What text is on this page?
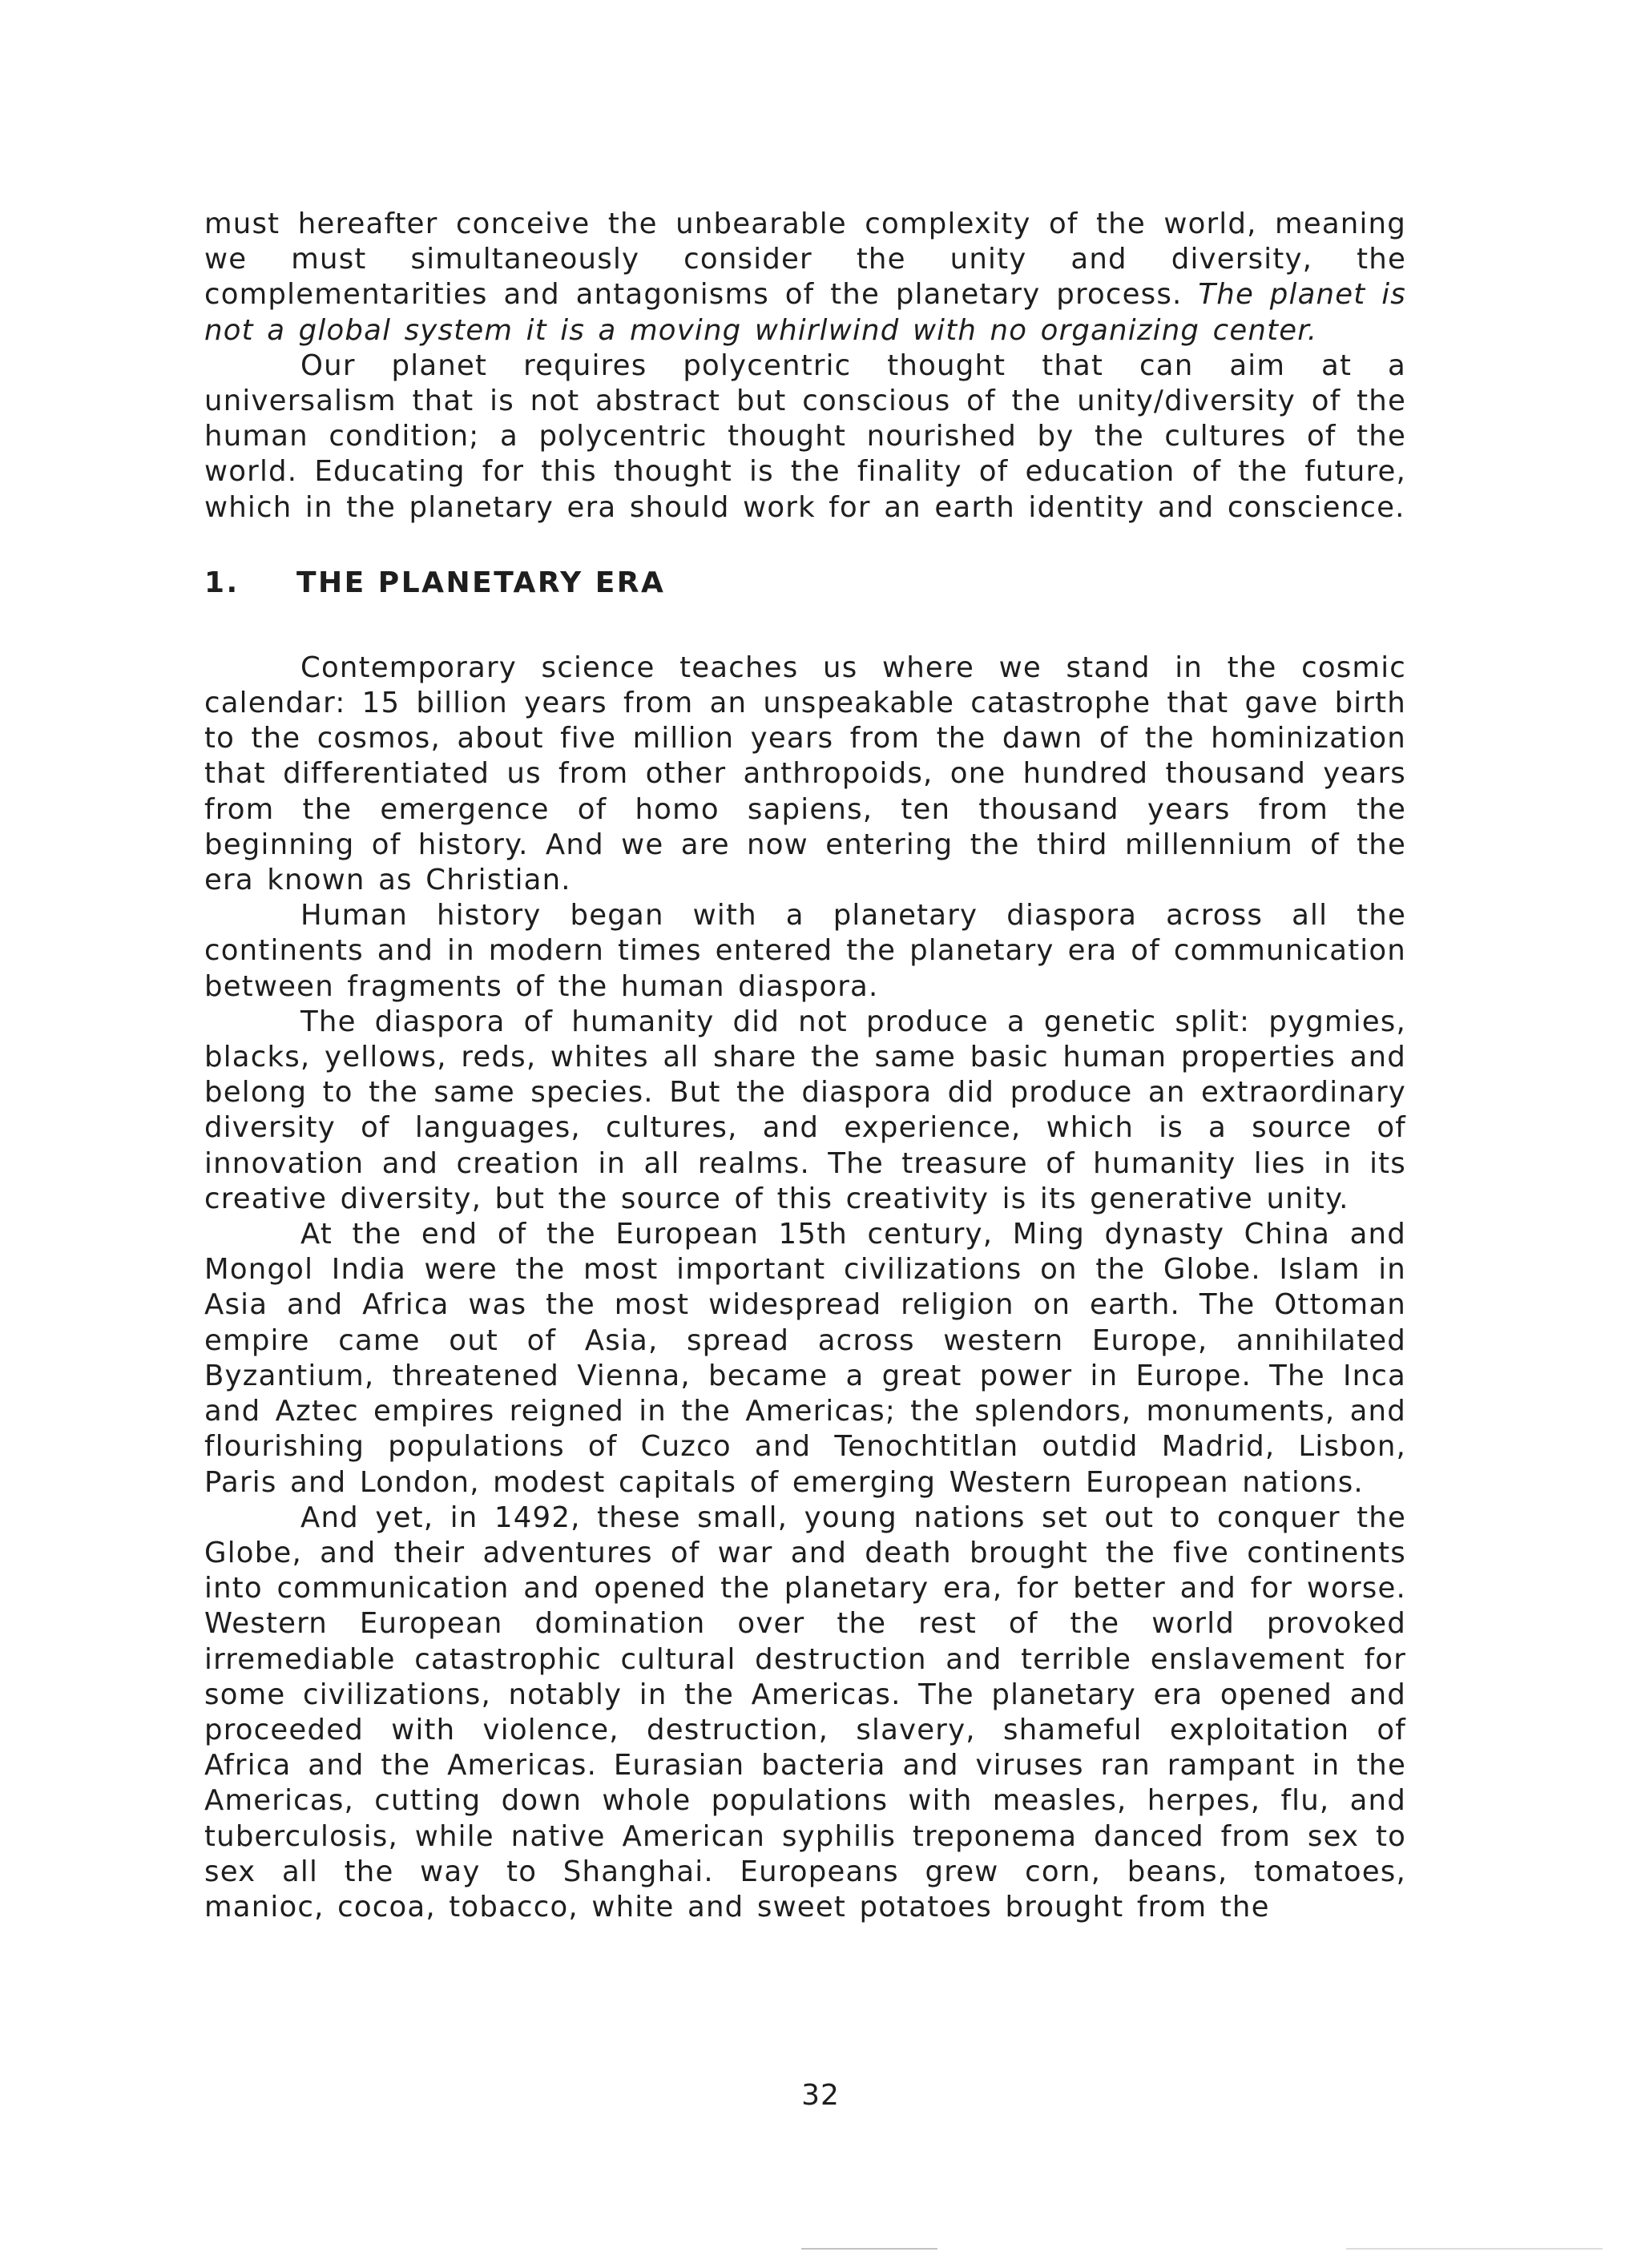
must hereafter conceive the unbearable complexity of the world, meaning we must simultaneously consider the unity and diversity, the complementarities and antagonisms of the planetary process. The planet is not a global system it is a moving whirlwind with no organizing center.

Our planet requires polycentric thought that can aim at a universalism that is not abstract but conscious of the unity/diversity of the human condition; a polycentric thought nourished by the cultures of the world. Educating for this thought is the finality of education of the future, which in the planetary era should work for an earth identity and conscience.

1. THE PLANETARY ERA

Contemporary science teaches us where we stand in the cosmic calendar: 15 billion years from an unspeakable catastrophe that gave birth to the cosmos, about five million years from the dawn of the hominization that differentiated us from other anthropoids, one hundred thousand years from the emergence of homo sapiens, ten thousand years from the beginning of history. And we are now entering the third millennium of the era known as Christian.

Human history began with a planetary diaspora across all the continents and in modern times entered the planetary era of communication between fragments of the human diaspora.

The diaspora of humanity did not produce a genetic split: pygmies, blacks, yellows, reds, whites all share the same basic human properties and belong to the same species. But the diaspora did produce an extraordinary diversity of languages, cultures, and experience, which is a source of innovation and creation in all realms. The treasure of humanity lies in its creative diversity, but the source of this creativity is its generative unity.

At the end of the European 15th century, Ming dynasty China and Mongol India were the most important civilizations on the Globe. Islam in Asia and Africa was the most widespread religion on earth. The Ottoman empire came out of Asia, spread across western Europe, annihilated Byzantium, threatened Vienna, became a great power in Europe. The Inca and Aztec empires reigned in the Americas; the splendors, monuments, and flourishing populations of Cuzco and Tenochtitlan outdid Madrid, Lisbon, Paris and London, modest capitals of emerging Western European nations.

And yet, in 1492, these small, young nations set out to conquer the Globe, and their adventures of war and death brought the five continents into communication and opened the planetary era, for better and for worse. Western European domination over the rest of the world provoked irremediable catastrophic cultural destruction and terrible enslavement for some civilizations, notably in the Americas. The planetary era opened and proceeded with violence, destruction, slavery, shameful exploitation of Africa and the Americas. Eurasian bacteria and viruses ran rampant in the Americas, cutting down whole populations with measles, herpes, flu, and tuberculosis, while native American syphilis treponema danced from sex to sex all the way to Shanghai. Europeans grew corn, beans, tomatoes, manioc, cocoa, tobacco, white and sweet potatoes brought from the

32
